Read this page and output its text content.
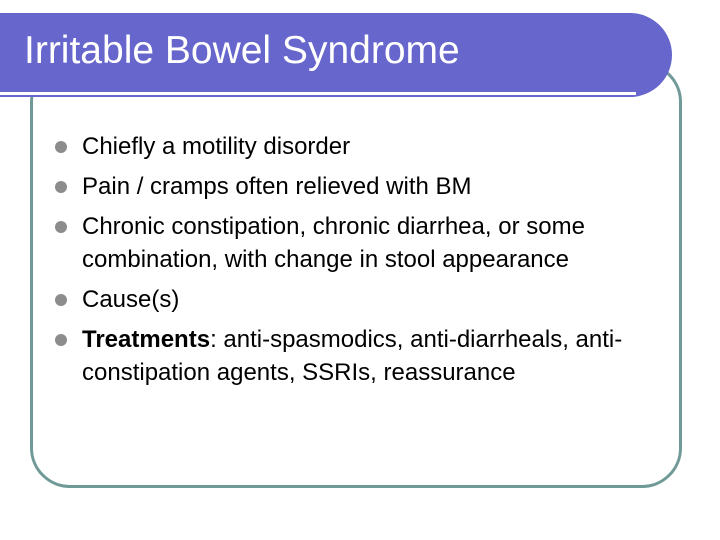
Irritable Bowel Syndrome
Chiefly a motility disorder
Pain / cramps often relieved with BM
Chronic constipation, chronic diarrhea, or some combination, with change in stool appearance
Cause(s)
Treatments: anti-spasmodics, anti-diarrheals, anti-constipation agents, SSRIs, reassurance
